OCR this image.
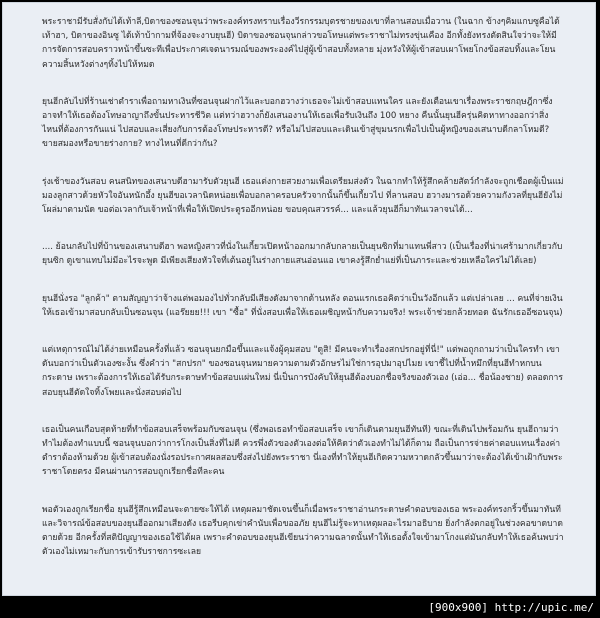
พระราชามีรับสั่งกับได้เท้าลี,บิดาของซอนจุนว่าพระองค์ทรงทราบเรื่องวีรกรรมบุตรชายของเขาที่ลานสอบเมื่อวาน (ในฉาก ข้างๆคิมแกบซูคือได้เท้าฮา, บิดาของอินซู ได้เท้าบ้ากามที่จ้องจะงาบยุนฮี) บิดาของซอนจุนกล่าวขอโทษแต่พระราชาไม่ทรงขุ่นเคือง อีกทั้งยังทรงตัดสินใจว่าจะให้มีการจัดการสอบคราวหน้าขึ้นซะทีเพื่อประกาศเจตนารมณ์ของพระองค์ไปสู่ผู้เข้าสอบทั้งหลาย มุ่งหวังให้ผู้เข้าสอบเผาโพยโกงข้อสอบทิ้งและโยนความสิ้นหวังต่างๆทิ้งไปให้หมด

ยุนฮีกลับไปที่ร้านเช่าตำราเพื่อถามหาเงินที่ซอนจุนฝากไว้และบอกฮวางว่าเธอจะไม่เข้าสอบแทนใคร และยังเตือนเขาเรื่องพระราชกฤษฎีกาซึ่งอาจทำให้เธอต้องโทษอาญาถึงขั้นประหารชีวิต แต่ทว่าฮวางก็ยังเสนองานให้เธอเพื่อรับเงินถึง 100 หยาง คืนนั้นยุนฮีครุ่นคิดหาทางออกว่าสิ่งไหนที่ต้องการกันแน่ ไปสอบและเสี่ยงกับการต้องโทษประหารดี? หรือไม่ไปสอบและเดินเข้าสู่ขุมนรกเพื่อไปเป็นผู้หญิงของเสนาบดีกลาโหมดี? ขายสมองหรือขายร่างกาย? ทางไหนที่ดีกว่ากัน?

รุ่งเช้าของวันสอบ คนสนิทของเสนาบดีฮามารับตัวยุนฮี เธอแต่งกายสวยงามเพื่อเตรียมส่งตัว ในฉากทำให้รู้สึกคล้ายสัตว์กำลังจะถูกเชือดผู้เป็นแม่มองลูกสาวด้วยหัวใจอันหนักอึ้ง ยุนฮีขอเวลานิดหน่อยเพื่อบอกลาครอบครัวจากนั้นก็ขึ้นเกี้ยวไป ที่ลานสอบ ฮวางมารอด้วยความกังวลที่ยุนฮียังไม่โผล่มาตามนัด ขอต่อเวลากับเจ้าหน้าที่เพื่อให้เปิดประตูรออีกหน่อย ขอบคุณสวรรค์... และแล้วยุนฮีก็มาทันเวลาจนได้...

.... ย้อนกลับไปที่บ้านของเสนาบดีฮา พอหญิงสาวที่นั่งในเกี้ยวเปิดหน้าออกมากลับกลายเป็นยุนซิกที่มาแทนพี่สาว (เป็นเรื่องที่น่าเศร้ามากเกี่ยวกับยุนซิก ดูเขาแทบไม่มีอะไรจะพูด มีเพียงเสียงหัวใจที่เต้นอยู่ในร่างกายแสนอ่อนแอ เขาคงรู้สึกย่ำแย่ที่เป็นภาระและช่วยเหลือใครไม่ได้เลย)

ยุนฮีนั่งรอ "ลูกค้า" ตามสัญญาว่าจ้างแต่พอมองไปทั่วกลับมีเสียงดังมาจากด้านหลัง ตอนแรกเธอคิดว่าเป็นวังอีกแล้ว แต่เปล่าเลย ... คนที่จ่ายเงินให้เธอเข้ามาสอบกลับเป็นซอนจุน (แอร๊ยยย!!! เขา "ซื้อ" ที่นั่งสอบเพื่อให้เธอเผชิญหน้ากับความจริง! พระเจ้าช่วยกล้วยทอด ฉันรักเธออีซอนจุน)

แต่เหตุการณ์ไม่ได้ง่ายเหมือนครั้งที่แล้ว ซอนจุนยกมือขึ้นและแจ้งผู้คุมสอบ "ดูสิ! มีคนจะทำเรื่องสกปรกอยู่ที่นี่!" แต่พอถูกถามว่าเป็นใครทำ เขาดันบอกว่าเป็นตัวเองซะงั้น ซึ่งคำว่า "สกปรก" ของซอนจุนหมายความตามตัวอักษรไม่ใช่การอุปมาอุปไมย เขาชี้ไปที่น้ำหมึกที่ยุนฮีทำหกบนกระดาษ เพราะต้องการให้เธอได้รับกระดาษทำข้อสอบแผ่นใหม่ นี่เป็นการบังคับให้ยุนฮีต้องบอกชื่อจริงของตัวเอง (เอ่อ... ชื่อน้องชาย) ตลอดการสอบยุนฮีตัดใจทิ้งโพยและนั่งสอบต่อไป

เธอเป็นคนเกือบสุดท้ายที่ทำข้อสอบเสร็จพร้อมกับซอนจุน (ซึ่งพอเธอทำข้อสอบเสร็จ เขาก็เดินตามยุนฮีทันที) ขณะที่เดินไปพร้อมกัน ยุนฮีถามว่าทำไมต้องทำแบบนี้ ซอนจุนบอกว่าการโกงเป็นสิ่งที่ไม่ดี ควรพึ่งตัวของตัวเองต่อให้คิดว่าตัวเองทำไม่ได้ก็ตาม ถือเป็นการจ่ายค่าตอบแทนเรื่องค่าตำราต้องห้ามด้วย ผู้เข้าสอบต้องนั่งรอประกาศผลสอบซึ่งส่งไปยังพระราชา นี่เองที่ทำให้ยุนฮีเกิดความหวาดกลัวขึ้นมาว่าจะต้องได้เข้าเฝ้ากับพระราชาโดยตรง มีคนผ่านการสอบถูกเรียกชื่อทีละคน

พอตัวเองถูกเรียกชื่อ ยุนฮีรู้สึกเหมือนจะตายซะให้ได้ เหตุผลมาชัดเจนขึ้นก็เมื่อพระราชาอ่านกระดาษคำตอบของเธอ พระองค์ทรงกริ้วขึ้นมาทันทีและวิจารณ์ข้อสอบของยุนฮีออกมาเสียงดัง เธอรีบคุกเข่าคำนับเพื่อขออภัย ยุนฮีไม่รู้จะหาเหตุผลอะไรมาอธิบาย ยิ่งกำลังตกอยู่ในช่วงคอขาดบาดตายด้วย อีกครั้งที่สติปัญญาของเธอใช้ได้ผล เพราะคำตอบของยุนฮีเขียนว่าความฉลาดนั้นทำให้เธอตั้งใจเข้ามาโกงแต่มันกลับทำให้เธอค้นพบว่าตัวเองไม่เหมาะกับการเข้ารับราชการซะเลย

[900x900] http://upic.me/
